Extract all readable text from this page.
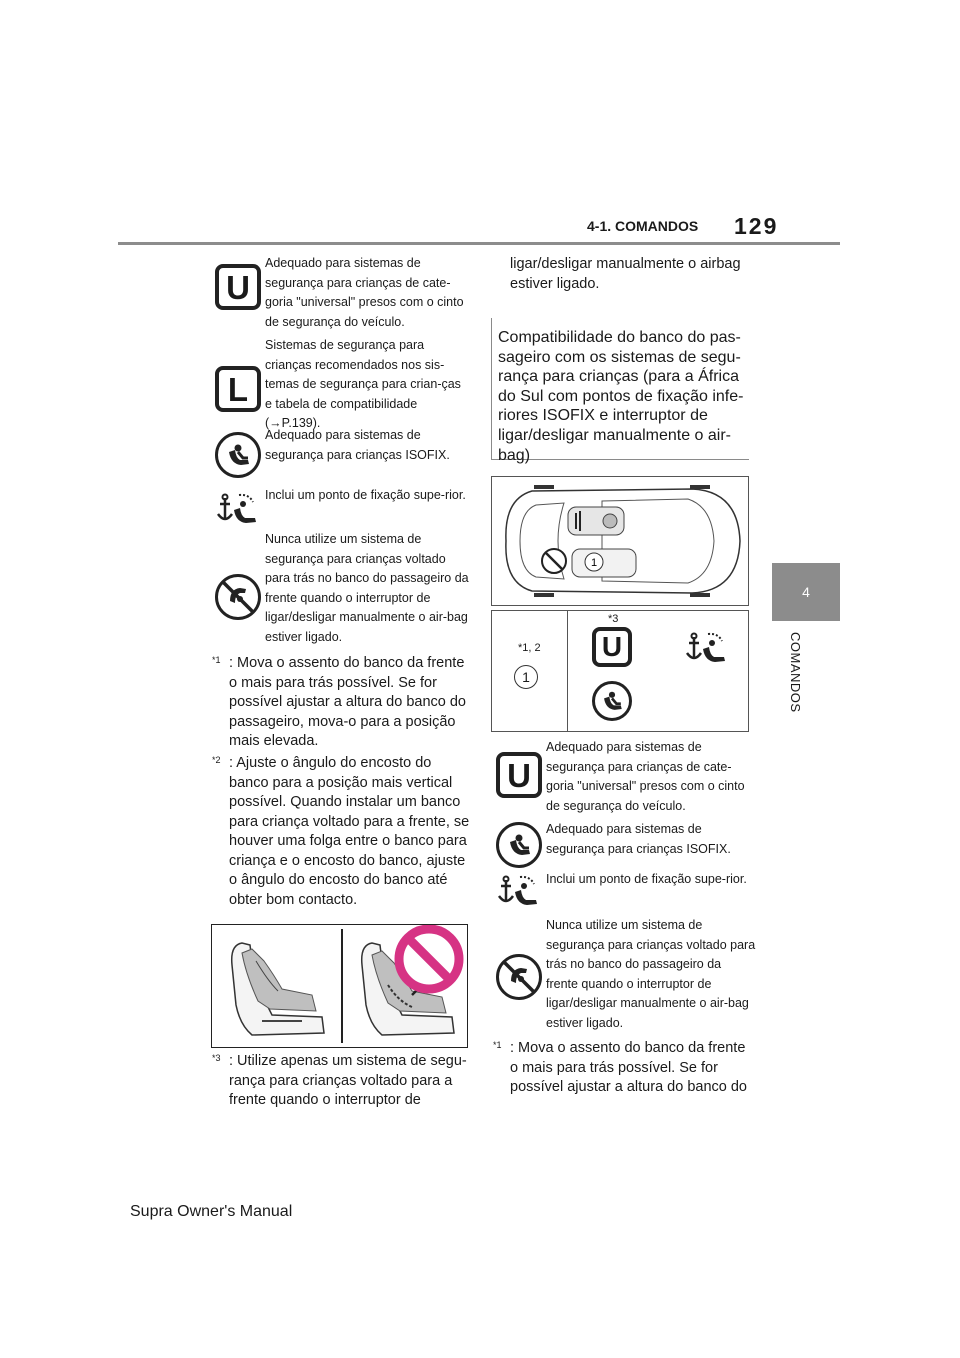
4-1. COMANDOS 129
4
COMANDOS
U
Adequado para sistemas de segurança para crianças de cate-goria "universal" presos com o cinto de segurança do veículo.
L
Sistemas de segurança para crianças recomendados nos sis-temas de segurança para crian-ças e tabela de compatibilidade (→P.139).
Adequado para sistemas de segurança para crianças ISOFIX.
Inclui um ponto de fixação supe-rior.
Nunca utilize um sistema de segurança para crianças voltado para trás no banco do passageiro da frente quando o interruptor de ligar/desligar manualmente o air-bag estiver ligado.
$^{*1}$ : Mova o assento do banco da frente o mais para trás possível. Se for possível ajustar a altura do banco do passageiro, mova-o para a posição mais elevada.
$^{*2}$ : Ajuste o ângulo do encosto do banco para a posição mais vertical possível. Quando instalar um banco para criança voltado para a frente, se houver uma folga entre o banco para criança e o encosto do banco, ajuste o ângulo do encosto do banco até obter bom contacto.
$^{*3}$ : Utilize apenas um sistema de segu-rança para crianças voltado para a frente quando o interruptor de
ligar/desligar manualmente o airbag estiver ligado.
Compatibilidade do banco do pas-sageiro com os sistemas de segu-rança para crianças (para a África do Sul com pontos de fixação infe-riores ISOFIX e interruptor de ligar/desligar manualmente o air-bag)
1
*1, 2
1
*3
U
U
Adequado para sistemas de segurança para crianças de cate-goria "universal" presos com o cinto de segurança do veículo.
Adequado para sistemas de segurança para crianças ISOFIX.
Inclui um ponto de fixação supe-rior.
Nunca utilize um sistema de segurança para crianças voltado para trás no banco do passageiro da frente quando o interruptor de ligar/desligar manualmente o air-bag estiver ligado.
$^{*1}$ : Mova o assento do banco da frente o mais para trás possível. Se for possível ajustar a altura do banco do
Supra Owner's Manual
